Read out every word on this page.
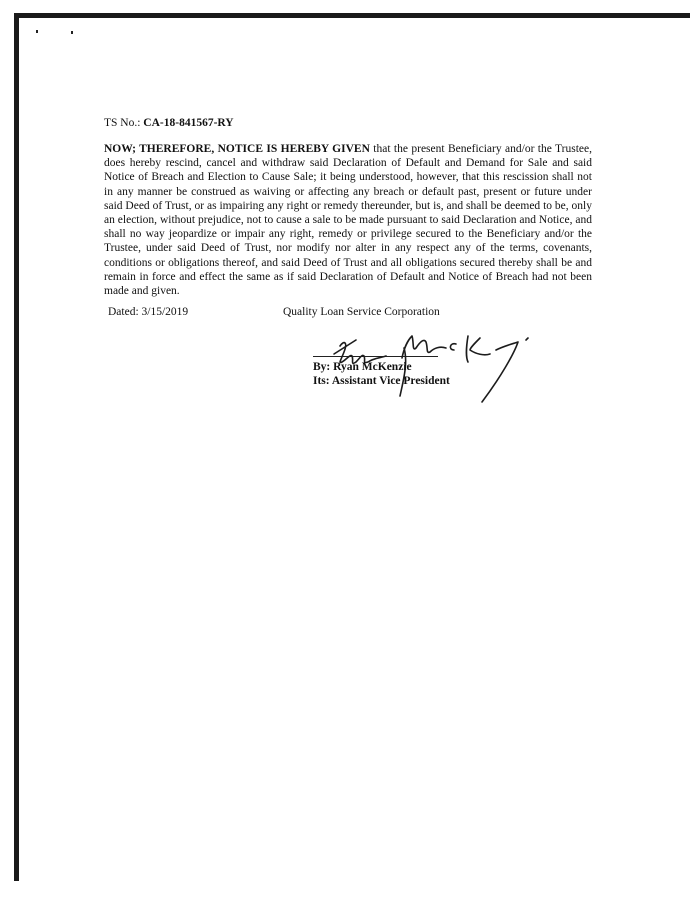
TS No.: CA-18-841567-RY

NOW; THEREFORE, NOTICE IS HEREBY GIVEN that the present Beneficiary and/or the Trustee, does hereby rescind, cancel and withdraw said Declaration of Default and Demand for Sale and said Notice of Breach and Election to Cause Sale; it being understood, however, that this rescission shall not in any manner be construed as waiving or affecting any breach or default past, present or future under said Deed of Trust, or as impairing any right or remedy thereunder, but is, and shall be deemed to be, only an election, without prejudice, not to cause a sale to be made pursuant to said Declaration and Notice, and shall no way jeopardize or impair any right, remedy or privilege secured to the Beneficiary and/or the Trustee, under said Deed of Trust, nor modify nor alter in any respect any of the terms, covenants, conditions or obligations thereof, and said Deed of Trust and all obligations secured thereby shall be and remain in force and effect the same as if said Declaration of Default and Notice of Breach had not been made and given.

Dated: 3/15/2019	Quality Loan Service Corporation
By: Ryan McKenzie
Its: Assistant Vice President
